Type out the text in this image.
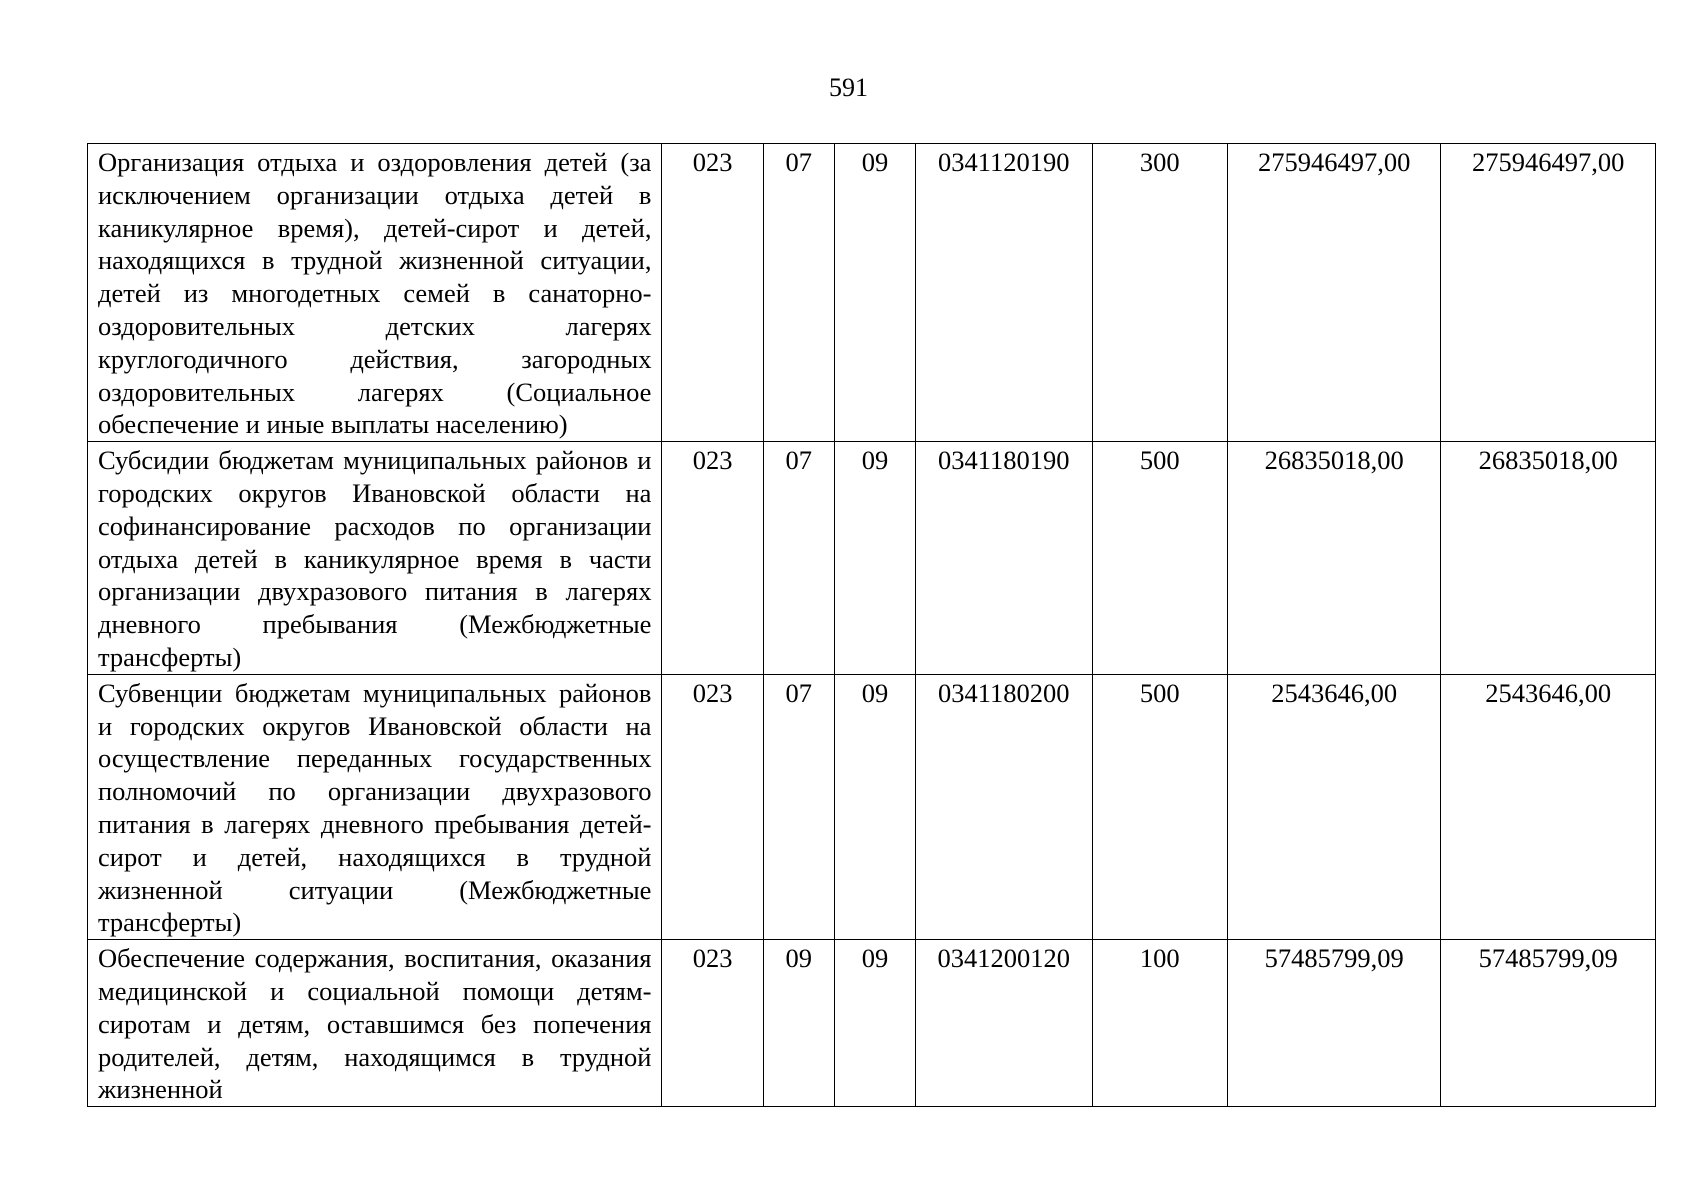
591
Организация отдыха и оздоровления детей (за исключением организации отдыха детей в каникулярное время), детей-сирот и детей, находящихся в трудной жизненной ситуации, детей из многодетных семей в санаторно-оздоровительных детских лагерях круглогодичного действия, загородных оздоровительных лагерях (Социальное обеспечение и иные выплаты населению)	023	07	09	0341120190	300	275946497,00	275946497,00
Субсидии бюджетам муниципальных районов и городских округов Ивановской области на софинансирование расходов по организации отдыха детей в каникулярное время в части организации двухразового питания в лагерях дневного пребывания (Межбюджетные трансферты)	023	07	09	0341180190	500	26835018,00	26835018,00
Субвенции бюджетам муниципальных районов и городских округов Ивановской области на осуществление переданных государственных полномочий по организации двухразового питания в лагерях дневного пребывания детей-сирот и детей, находящихся в трудной жизненной ситуации (Межбюджетные трансферты)	023	07	09	0341180200	500	2543646,00	2543646,00
Обеспечение содержания, воспитания, оказания медицинской и социальной помощи детям-сиротам и детям, оставшимся без попечения родителей, детям, находящимся в трудной жизненной	023	09	09	0341200120	100	57485799,09	57485799,09
